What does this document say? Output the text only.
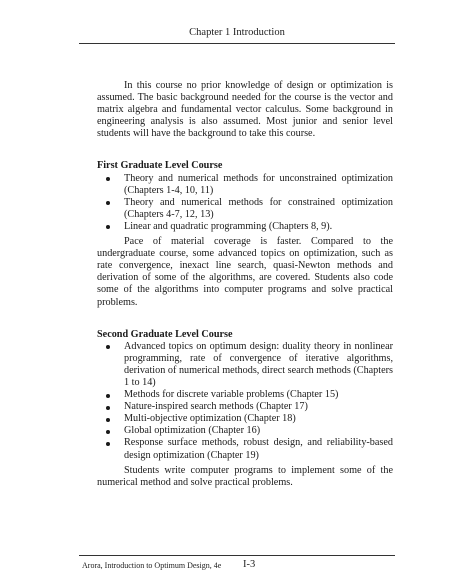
Chapter 1 Introduction

In this course no prior knowledge of design or optimization is assumed. The basic background needed for the course is the vector and matrix algebra and fundamental vector calculus. Some background in engineering analysis is also assumed. Most junior and senior level students will have the background to take this course.

First Graduate Level Course
Theory and numerical methods for unconstrained optimization (Chapters 1-4, 10, 11)
Theory and numerical methods for constrained optimization (Chapters 4-7, 12, 13)
Linear and quadratic programming (Chapters 8, 9).

Pace of material coverage is faster. Compared to the undergraduate course, some advanced topics on optimization, such as rate convergence, inexact line search, quasi-Newton methods and derivation of some of the algorithms, are covered. Students also code some of the algorithms into computer programs and solve practical problems.

Second Graduate Level Course
Advanced topics on optimum design: duality theory in nonlinear programming, rate of convergence of iterative algorithms, derivation of numerical methods, direct search methods (Chapters 1 to 14)
Methods for discrete variable problems (Chapter 15)
Nature-inspired search methods (Chapter 17)
Multi-objective optimization (Chapter 18)
Global optimization (Chapter 16)
Response surface methods, robust design, and reliability-based design optimization (Chapter 19)

Students write computer programs to implement some of the numerical method and solve practical problems.

Arora, Introduction to Optimum Design, 4e I-3
